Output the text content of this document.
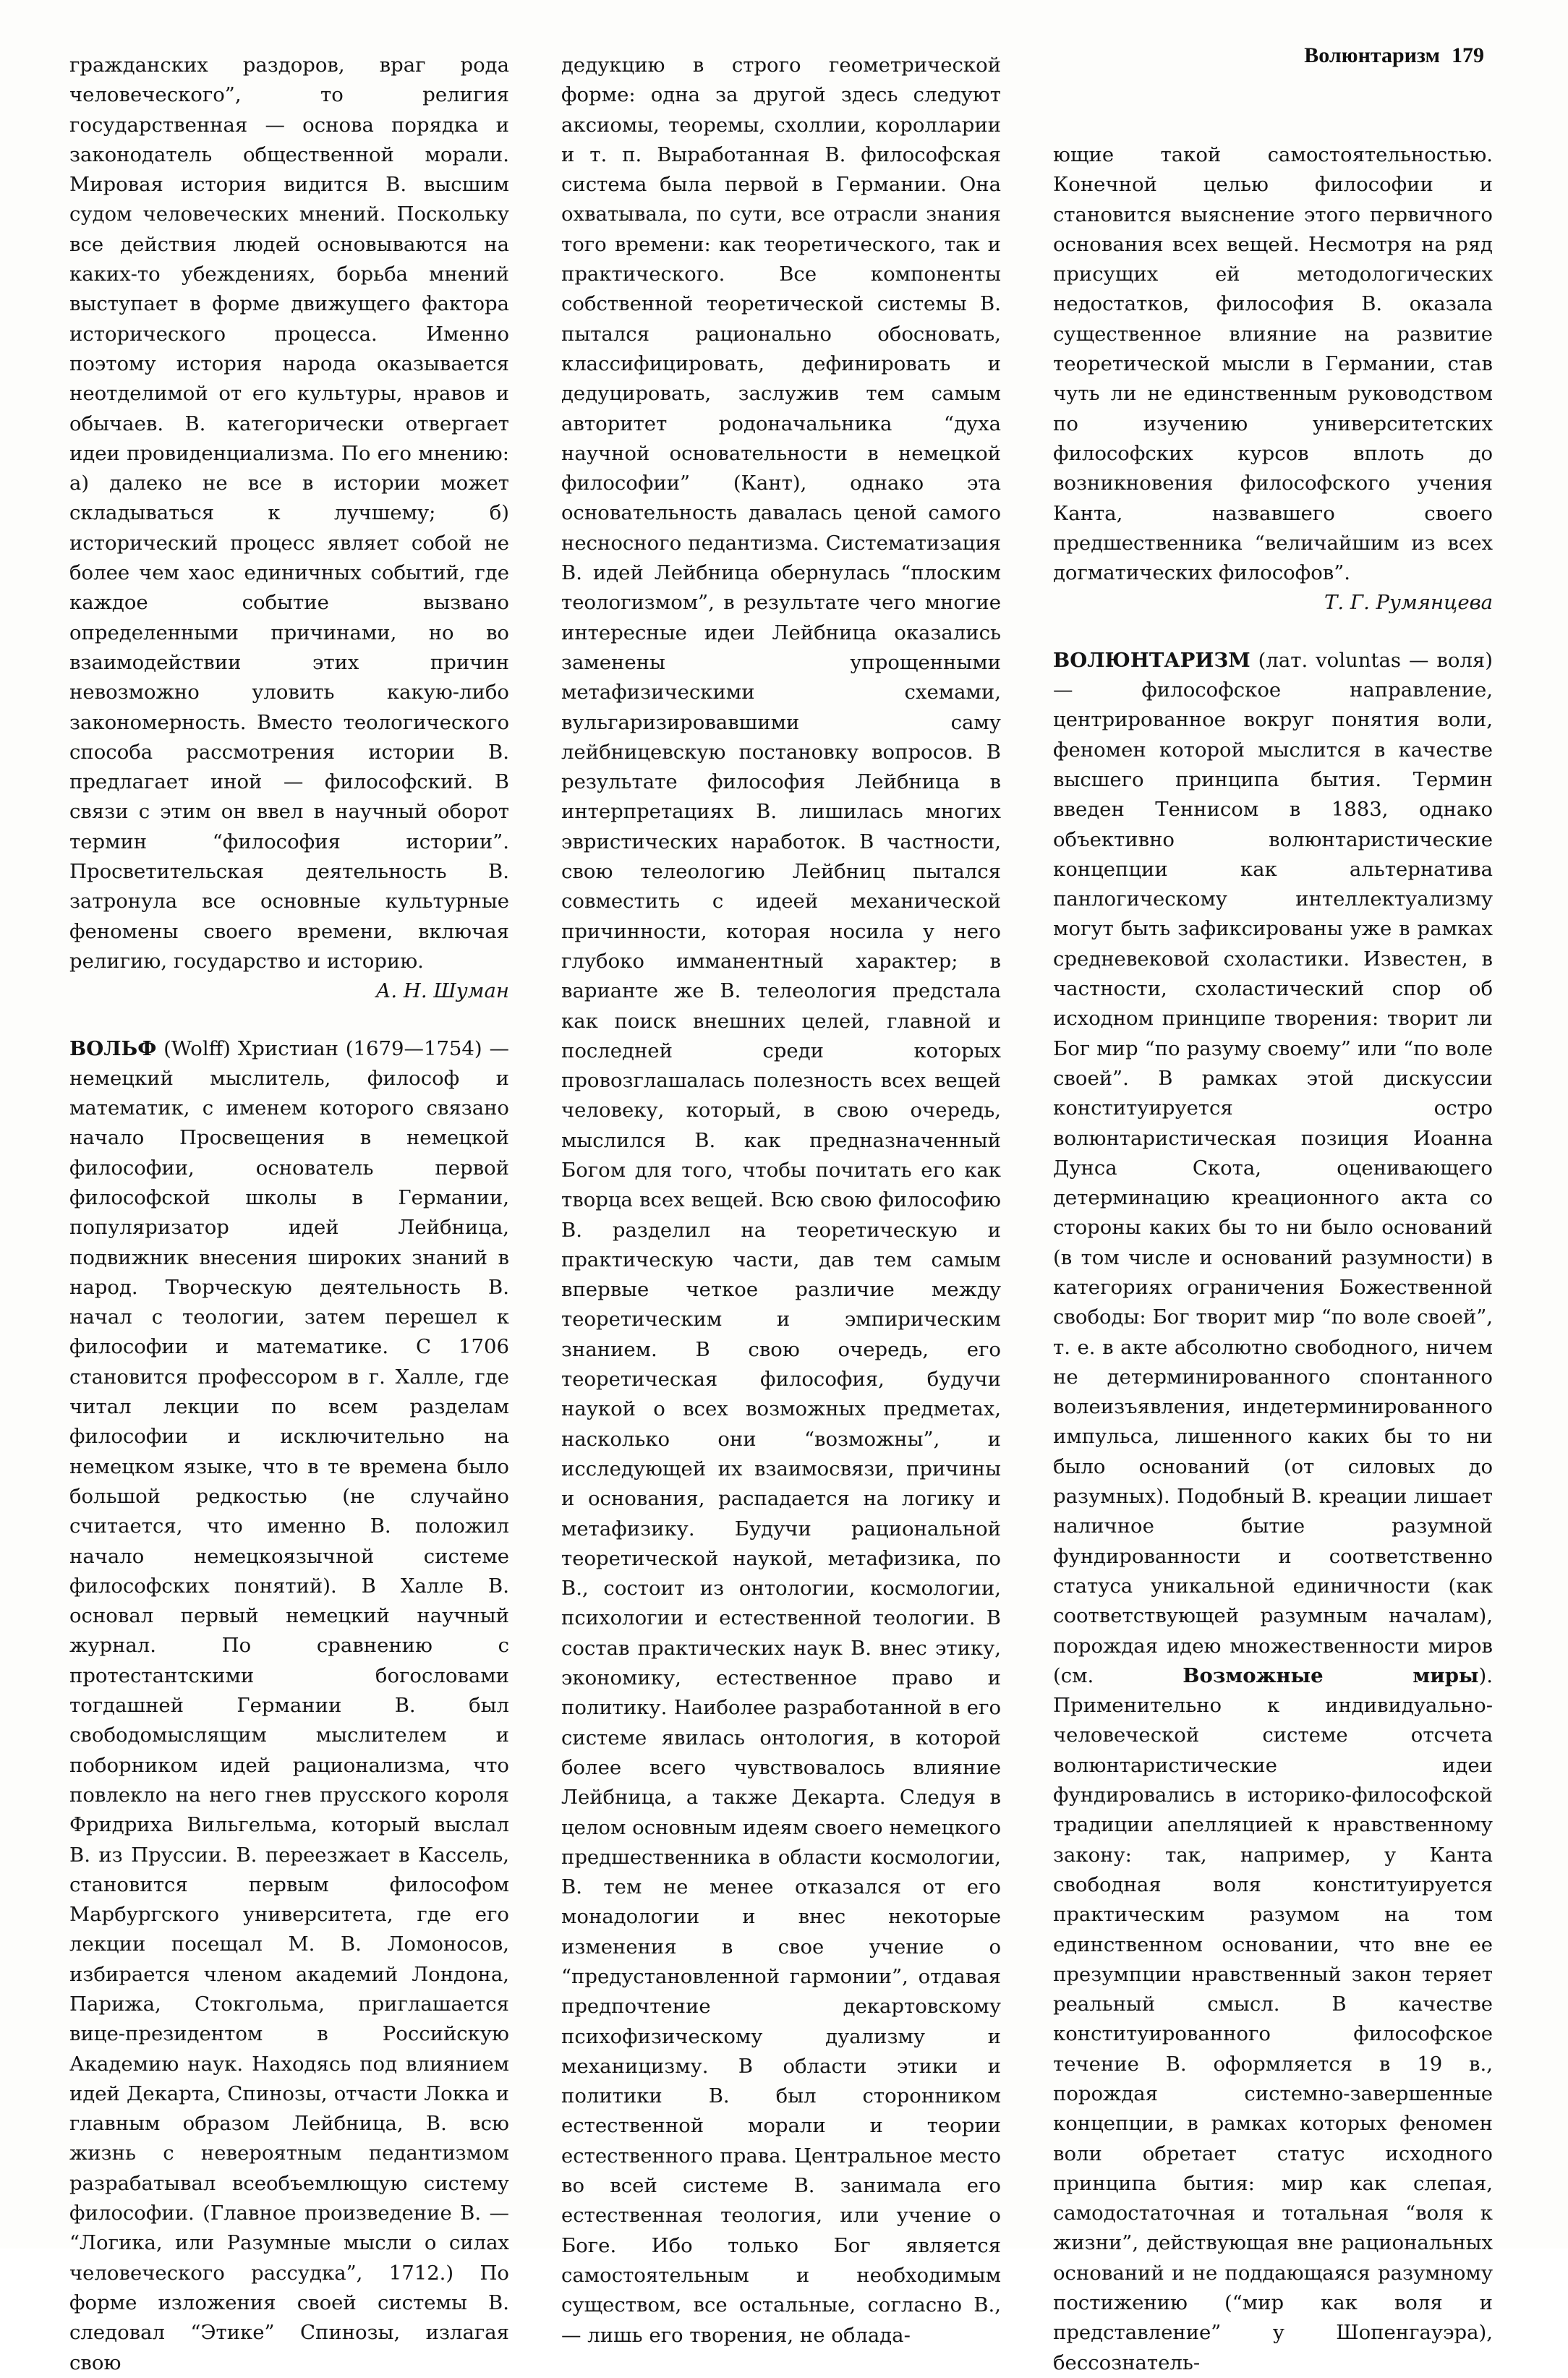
Волюнтаризм 179

гражданских раздоров, враг рода человеческого”, то религия государственная — основа порядка и законодатель общественной морали. Мировая история видится В. высшим судом человеческих мнений. Поскольку все действия людей основываются на каких-то убеждениях, борьба мнений выступает в форме движущего фактора исторического процесса. Именно поэтому история народа оказывается неотделимой от его культуры, нравов и обычаев. В. категорически отвергает идеи провиденциализма. По его мнению: а) далеко не все в истории может складываться к лучшему; б) исторический процесс являет собой не более чем хаос единичных событий, где каждое событие вызвано определенными причинами, но во взаимодействии этих причин невозможно уловить какую-либо закономерность. Вместо теологического способа рассмотрения истории В. предлагает иной — философский. В связи с этим он ввел в научный оборот термин “философия истории”. Просветительская деятельность В. затронула все основные культурные феномены своего времени, включая религию, государство и историю.

А. Н. Шуман

ВОЛЬФ (Wolff) Христиан (1679—1754) — немецкий мыслитель, философ и математик, с именем которого связано начало Просвещения в немецкой философии, основатель первой философской школы в Германии, популяризатор идей Лейбница, подвижник внесения широких знаний в народ. Творческую деятельность В. начал с теологии, затем перешел к философии и математике. С 1706 становится профессором в г. Халле, где читал лекции по всем разделам философии и исключительно на немецком языке, что в те времена было большой редкостью (не случайно считается, что именно В. положил начало немецкоязычной системе философских понятий). В Халле В. основал первый немецкий научный журнал. По сравнению с протестантскими богословами тогдашней Германии В. был свободомыслящим мыслителем и поборником идей рационализма, что повлекло на него гнев прусского короля Фридриха Вильгельма, который выслал В. из Пруссии. В. переезжает в Кассель, становится первым философом Марбургского университета, где его лекции посещал М. В. Ломоносов, избирается членом академий Лондона, Парижа, Стокгольма, приглашается вице-президентом в Российскую Академию наук. Находясь под влиянием идей Декарта, Спинозы, отчасти Локка и главным образом Лейбница, В. всю жизнь с невероятным педантизмом разрабатывал всеобъемлющую систему философии. (Главное произведение В. — “Логика, или Разумные мысли о силах человеческого рассудка”, 1712.) По форме изложения своей системы В. следовал “Этике” Спинозы, излагая свою

дедукцию в строго геометрической форме: одна за другой здесь следуют аксиомы, теоремы, схоллии, королларии и т. п. Выработанная В. философская система была первой в Германии. Она охватывала, по сути, все отрасли знания того времени: как теоретического, так и практического. Все компоненты собственной теоретической системы В. пытался рационально обосновать, классифицировать, дефинировать и дедуцировать, заслужив тем самым авторитет родоначальника “духа научной основательности в немецкой философии” (Кант), однако эта основательность давалась ценой самого несносного педантизма. Систематизация В. идей Лейбница обернулась “плоским теологизмом”, в результате чего многие интересные идеи Лейбница оказались заменены упрощенными метафизическими схемами, вульгаризировавшими саму лейбницевскую постановку вопросов. В результате философия Лейбница в интерпретациях В. лишилась многих эвристических наработок. В частности, свою телеологию Лейбниц пытался совместить с идеей механической причинности, которая носила у него глубоко имманентный характер; в варианте же В. телеология предстала как поиск внешних целей, главной и последней среди которых провозглашалась полезность всех вещей человеку, который, в свою очередь, мыслился В. как предназначенный Богом для того, чтобы почитать его как творца всех вещей. Всю свою философию В. разделил на теоретическую и практическую части, дав тем самым впервые четкое различие между теоретическим и эмпирическим знанием. В свою очередь, его теоретическая философия, будучи наукой о всех возможных предметах, насколько они “возможны”, и исследующей их взаимосвязи, причины и основания, распадается на логику и метафизику. Будучи рациональной теоретической наукой, метафизика, по В., состоит из онтологии, космологии, психологии и естественной теологии. В состав практических наук В. внес этику, экономику, естественное право и политику. Наиболее разработанной в его системе явилась онтология, в которой более всего чувствовалось влияние Лейбница, а также Декарта. Следуя в целом основным идеям своего немецкого предшественника в области космологии, В. тем не менее отказался от его монадологии и внес некоторые изменения в свое учение о “предустановленной гармонии”, отдавая предпочтение декартовскому психофизическому дуализму и механицизму. В области этики и политики В. был сторонником естественной морали и теории естественного права. Центральное место во всей системе В. занимала его естественная теология, или учение о Боге. Ибо только Бог является самостоятельным и необходимым существом, все остальные, согласно В., — лишь его творения, не облада-

ющие такой самостоятельностью. Конечной целью философии и становится выяснение этого первичного основания всех вещей. Несмотря на ряд присущих ей методологических недостатков, философия В. оказала существенное влияние на развитие теоретической мысли в Германии, став чуть ли не единственным руководством по изучению университетских философских курсов вплоть до возникновения философского учения Канта, назвавшего своего предшественника “величайшим из всех догматических философов”.

Т. Г. Румянцева

ВОЛЮНТАРИЗМ (лат. voluntas — воля) — философское направление, центрированное вокруг понятия воли, феномен которой мыслится в качестве высшего принципа бытия. Термин введен Теннисом в 1883, однако объективно волюнтаристические концепции как альтернатива панлогическому интеллектуализму могут быть зафиксированы уже в рамках средневековой схоластики. Известен, в частности, схоластический спор об исходном принципе творения: творит ли Бог мир “по разуму своему” или “по воле своей”. В рамках этой дискуссии конституируется остро волюнтаристическая позиция Иоанна Дунса Скота, оценивающего детерминацию креационного акта со стороны каких бы то ни было оснований (в том числе и оснований разумности) в категориях ограничения Божественной свободы: Бог творит мир “по воле своей”, т. е. в акте абсолютно свободного, ничем не детерминированного спонтанного волеизъявления, индетерминированного импульса, лишенного каких бы то ни было оснований (от силовых до разумных). Подобный В. креации лишает наличное бытие разумной фундированности и соответственно статуса уникальной единичности (как соответствующей разумным началам), порождая идею множественности миров (см. Возможные миры). Применительно к индивидуально-человеческой системе отсчета волюнтаристические идеи фундировались в историко-философской традиции апелляцией к нравственному закону: так, например, у Канта свободная воля конституируется практическим разумом на том единственном основании, что вне ее презумпции нравственный закон теряет реальный смысл. В качестве конституированного философское течение В. оформляется в 19 в., порождая системно-завершенные концепции, в рамках которых феномен воли обретает статус исходного принципа бытия: мир как слепая, самодостаточная и тотальная “воля к жизни”, действующая вне рациональных оснований и не поддающаяся разумному постижению (“мир как воля и представление” у Шопенгауэра), бессознатель-
